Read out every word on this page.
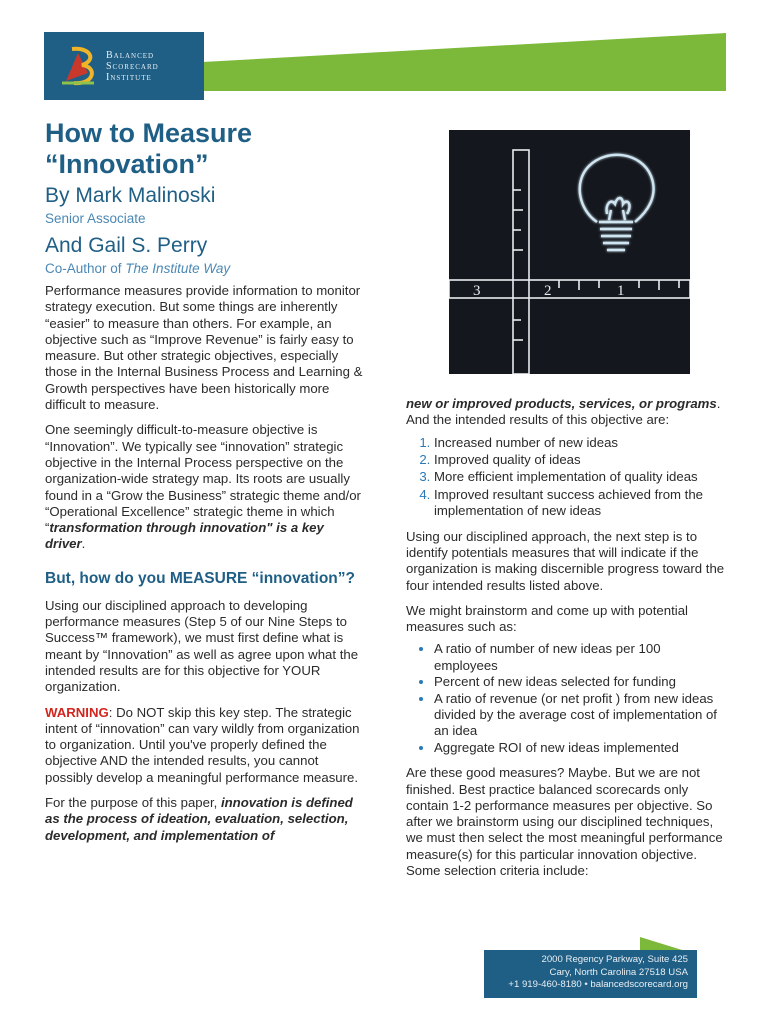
Balanced
Scorecard
Institute
How to Measure
“Innovation”
By Mark Malinoski
Senior Associate
And Gail S. Perry
Co-Author of The Institute Way

Performance measures provide information to monitor strategy execution. But some things are inherently “easier” to measure than others. For example, an objective such as “Improve Revenue” is fairly easy to measure. But other strategic objectives, especially those in the Internal Business Process and Learning & Growth perspectives have been historically more difficult to measure.

One seemingly difficult-to-measure objective is “Innovation”. We typically see “innovation” strategic objective in the Internal Process perspective on the organization-wide strategy map. Its roots are usually found in a “Grow the Business” strategic theme and/or “Operational Excellence” strategic theme in which “transformation through innovation" is a key driver.

But, how do you MEASURE “innovation”?

Using our disciplined approach to developing performance measures (Step 5 of our Nine Steps to Success™ framework), we must first define what is meant by “Innovation” as well as agree upon what the intended results are for this objective for YOUR organization.

WARNING: Do NOT skip this key step. The strategic intent of “innovation” can vary wildly from organization to organization. Until you've properly defined the objective AND the intended results, you cannot possibly develop a meaningful performance measure.

For the purpose of this paper, innovation is defined as the process of ideation, evaluation, selection, development, and implementation of

3	2	1

new or improved products, services, or programs. And the intended results of this objective are:

1. Increased number of new ideas
2. Improved quality of ideas
3. More efficient implementation of quality ideas
4. Improved resultant success achieved from the implementation of new ideas

Using our disciplined approach, the next step is to identify potentials measures that will indicate if the organization is making discernible progress toward the four intended results listed above.

We might brainstorm and come up with potential measures such as:

• A ratio of number of new ideas per 100 employees
• Percent of new ideas selected for funding
• A ratio of revenue (or net profit ) from new ideas divided by the average cost of implementation of an idea
• Aggregate ROI of new ideas implemented

Are these good measures? Maybe. But we are not finished. Best practice balanced scorecards only contain 1-2 performance measures per objective. So after we brainstorm using our disciplined techniques, we must then select the most meaningful performance measure(s) for this particular innovation objective. Some selection criteria include:

2000 Regency Parkway, Suite 425
Cary, North Carolina 27518 USA
+1 919-460-8180 • balancedscorecard.org
